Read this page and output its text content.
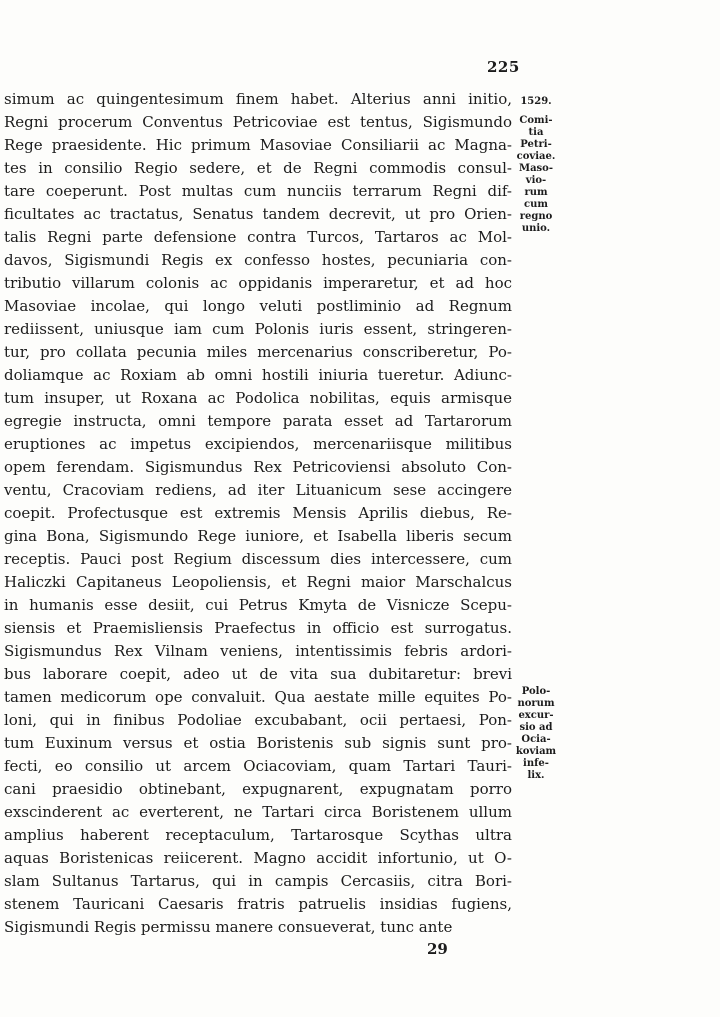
225
simum ac quingentesimum finem habet. Alterius anni initio,
Regni procerum Conventus Petricoviae est tentus, Sigismundo
Rege praesidente. Hic primum Masoviae Consiliarii ac Magna-
tes in consilio Regio sedere, et de Regni commodis consul-
tare coeperunt. Post multas cum nunciis terrarum Regni dif-
ficultates ac tractatus, Senatus tandem decrevit, ut pro Orien-
talis Regni parte defensione contra Turcos, Tartaros ac Mol-
davos, Sigismundi Regis ex confesso hostes, pecuniaria con-
tributio villarum colonis ac oppidanis imperaretur, et ad hoc
Masoviae incolae, qui longo veluti postliminio ad Regnum
rediissent, uniusque iam cum Polonis iuris essent, stringeren-
tur, pro collata pecunia miles mercenarius conscriberetur, Po-
doliamque ac Roxiam ab omni hostili iniuria tueretur. Adiunc-
tum insuper, ut Roxana ac Podolica nobilitas, equis armisque
egregie instructa, omni tempore parata esset ad Tartarorum
eruptiones ac impetus excipiendos, mercenariisque militibus
opem ferendam. Sigismundus Rex Petricoviensi absoluto Con-
ventu, Cracoviam rediens, ad iter Lituanicum sese accingere
coepit. Profectusque est extremis Mensis Aprilis diebus, Re-
gina Bona, Sigismundo Rege iuniore, et Isabella liberis secum
receptis. Pauci post Regium discessum dies intercessere, cum
Haliczki Capitaneus Leopoliensis, et Regni maior Marschalcus
in humanis esse desiit, cui Petrus Kmyta de Visnicze Scepu-
siensis et Praemisliensis Praefectus in officio est surrogatus.
Sigismundus Rex Vilnam veniens, intentissimis febris ardori-
bus laborare coepit, adeo ut de vita sua dubitaretur: brevi
tamen medicorum ope convaluit. Qua aestate mille equites Po-
loni, qui in finibus Podoliae excubabant, ocii pertaesi, Pon-
tum Euxinum versus et ostia Boristenis sub signis sunt pro-
fecti, eo consilio ut arcem Ociacoviam, quam Tartari Tauri-
cani praesidio obtinebant, expugnarent, expugnatam porro
exscinderent ac everterent, ne Tartari circa Boristenem ullum
amplius haberent receptaculum, Tartarosque Scythas ultra
aquas Boristenicas reiicerent. Magno accidit infortunio, ut O-
slam Sultanus Tartarus, qui in campis Cercasiis, citra Bori-
stenem Tauricani Caesaris fratris patruelis insidias fugiens,
Sigismundi Regis permissu manere consueverat, tunc ante
1529.
Comi-
tia
Petri-
coviae.
Maso-
vio-
rum
cum
regno
unio.
Polo-
norum
excur-
sio ad
Ocia-
koviam
infe-
lix.
29
